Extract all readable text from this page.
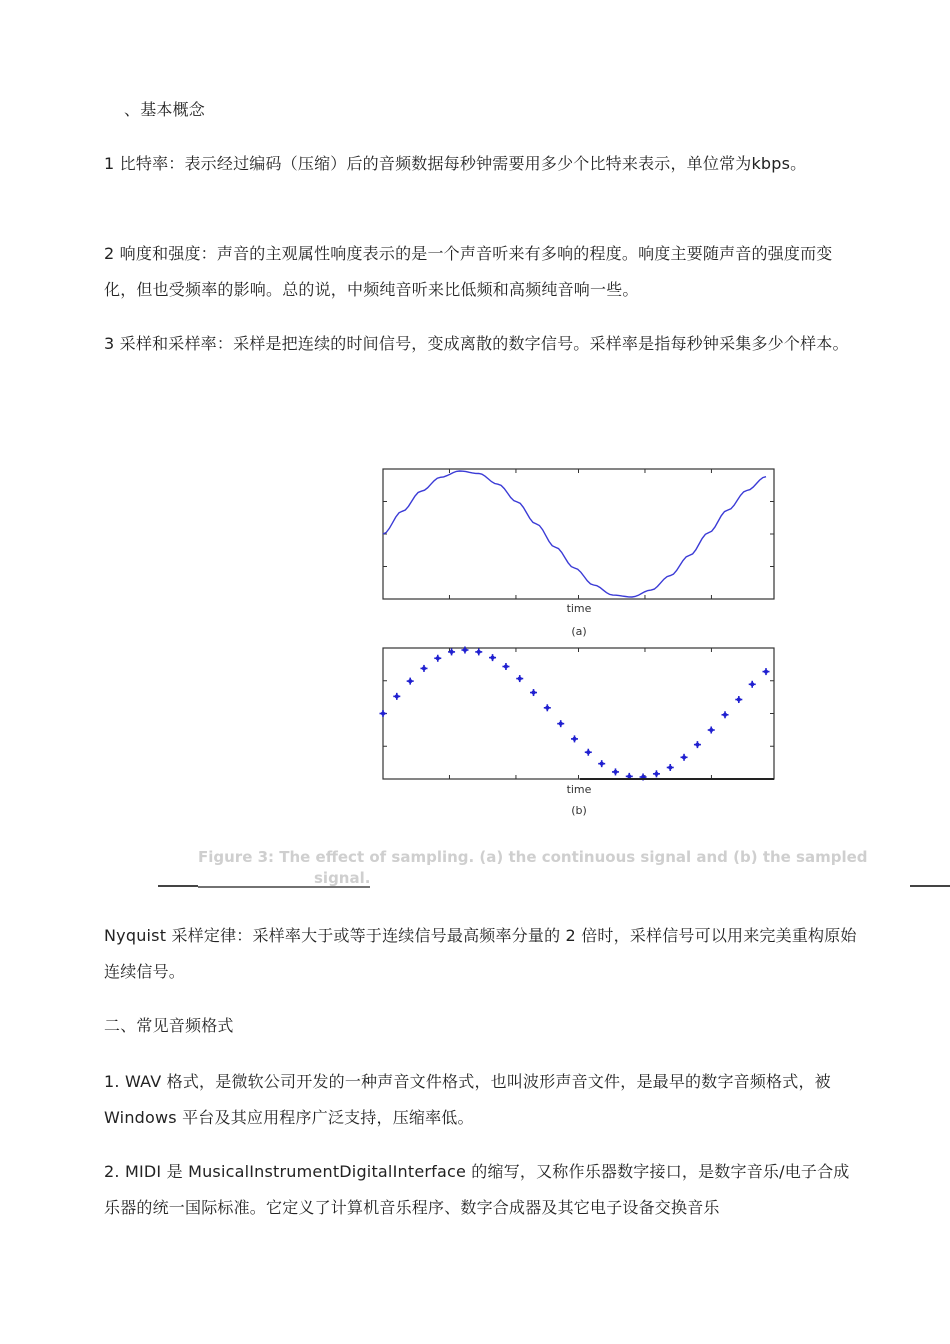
、基本概念

1 比特率：表示经过编码（压缩）后的音频数据每秒钟需要用多少个比特来表示，单位常为kbps。

2 响度和强度：声音的主观属性响度表示的是一个声音听来有多响的程度。响度主要随声音的强度而变化，但也受频率的影响。总的说，中频纯音听来比低频和高频纯音响一些。

3 采样和采样率：采样是把连续的时间信号，变成离散的数字信号。采样率是指每秒钟采集多少个样本。

time
(a)
time
(b)
Figure 3: The effect of sampling. (a) the continuous signal and (b) the sampled
signal.

Nyquist 采样定律：采样率大于或等于连续信号最高频率分量的 2 倍时，采样信号可以用来完美重构原始连续信号。

二、常见音频格式

1. WAV 格式，是微软公司开发的一种声音文件格式，也叫波形声音文件，是最早的数字音频格式，被 Windows 平台及其应用程序广泛支持，压缩率低。

2. MIDI 是 MusicalInstrumentDigitalInterface 的缩写，又称作乐器数字接口，是数字音乐/电子合成乐器的统一国际标准。它定义了计算机音乐程序、数字合成器及其它电子设备交换音乐
